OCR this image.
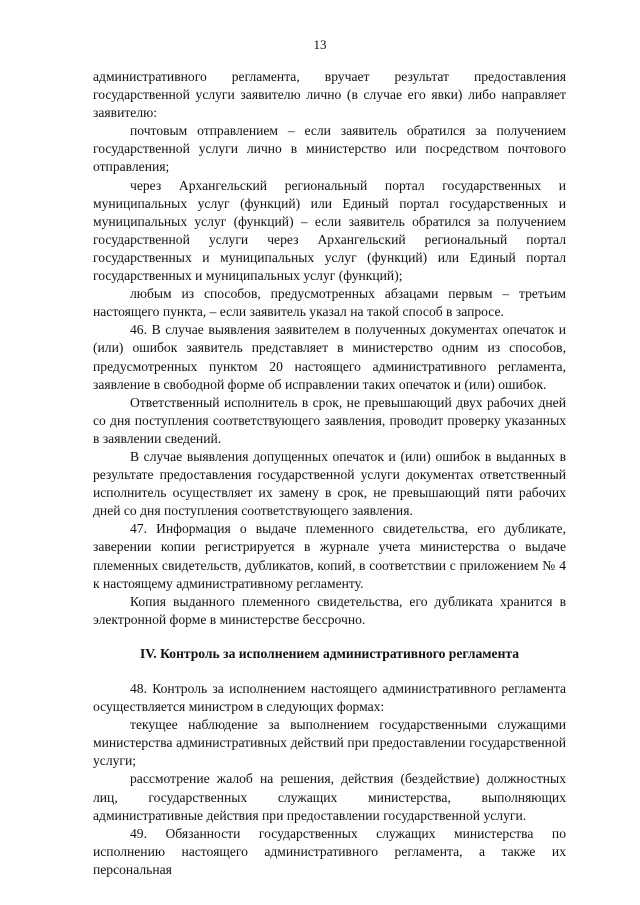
13

административного регламента, вручает результат предоставления государственной услуги заявителю лично (в случае его явки) либо направляет заявителю:

почтовым отправлением – если заявитель обратился за получением государственной услуги лично в министерство или посредством почтового отправления;

через Архангельский региональный портал государственных и муниципальных услуг (функций) или Единый портал государственных и муниципальных услуг (функций) – если заявитель обратился за получением государственной услуги через Архангельский региональный портал государственных и муниципальных услуг (функций) или Единый портал государственных и муниципальных услуг (функций);

любым из способов, предусмотренных абзацами первым – третьим настоящего пункта, – если заявитель указал на такой способ в запросе.

46. В случае выявления заявителем в полученных документах опечаток и (или) ошибок заявитель представляет в министерство одним из способов, предусмотренных пунктом 20 настоящего административного регламента, заявление в свободной форме об исправлении таких опечаток и (или) ошибок.

Ответственный исполнитель в срок, не превышающий двух рабочих дней со дня поступления соответствующего заявления, проводит проверку указанных в заявлении сведений.

В случае выявления допущенных опечаток и (или) ошибок в выданных в результате предоставления государственной услуги документах ответственный исполнитель осуществляет их замену в срок, не превышающий пяти рабочих дней со дня поступления соответствующего заявления.

47. Информация о выдаче племенного свидетельства, его дубликате, заверении копии регистрируется в журнале учета министерства о выдаче племенных свидетельств, дубликатов, копий, в соответствии с приложением № 4 к настоящему административному регламенту.

Копия выданного племенного свидетельства, его дубликата хранится в электронной форме в министерстве бессрочно.

IV. Контроль за исполнением административного регламента

48. Контроль за исполнением настоящего административного регламента осуществляется министром в следующих формах:

текущее наблюдение за выполнением государственными служащими министерства административных действий при предоставлении государственной услуги;

рассмотрение жалоб на решения, действия (бездействие) должностных лиц, государственных служащих министерства, выполняющих административные действия при предоставлении государственной услуги.

49. Обязанности государственных служащих министерства по исполнению настоящего административного регламента, а также их персональная
